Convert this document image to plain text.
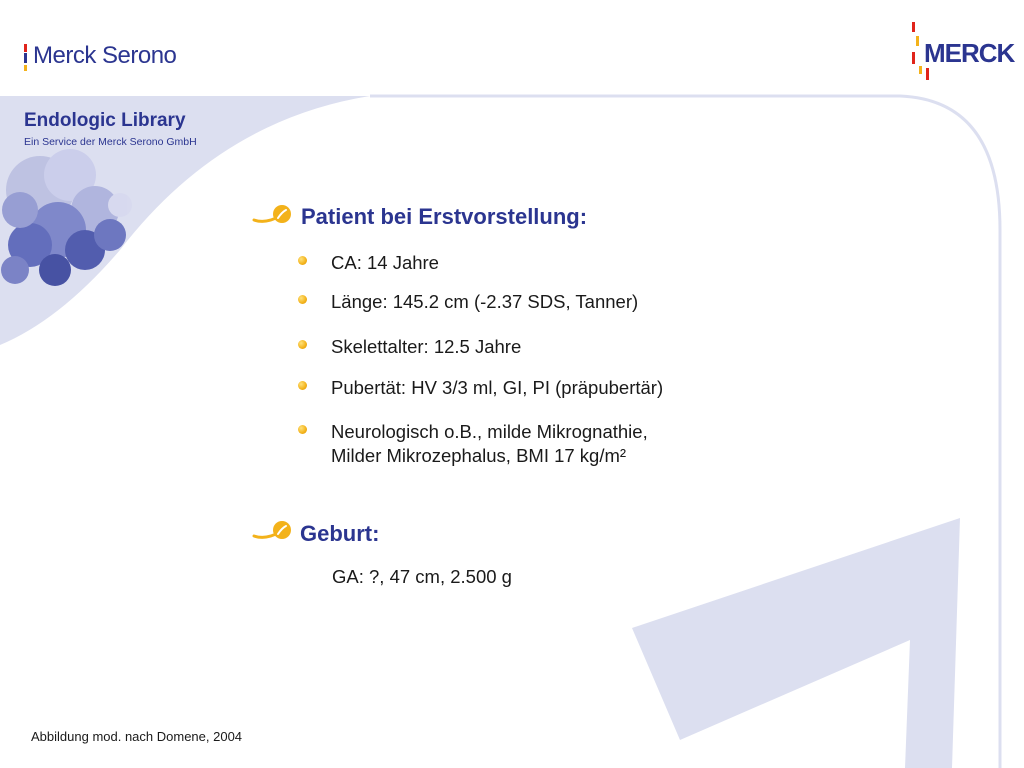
Merck Serono	MERCK
Endologic Library
Ein Service der Merck Serono GmbH
Patient bei Erstvorstellung:
CA: 14 Jahre
Länge: 145.2 cm (-2.37 SDS, Tanner)
Skelettalter: 12.5 Jahre
Pubertät: HV 3/3 ml, GI, PI (präpubertär)
Neurologisch o.B., milde Mikrognathie,
Milder Mikrozephalus, BMI 17 kg/m²
Geburt:
GA: ?, 47 cm, 2.500 g
Abbildung mod. nach Domene, 2004
